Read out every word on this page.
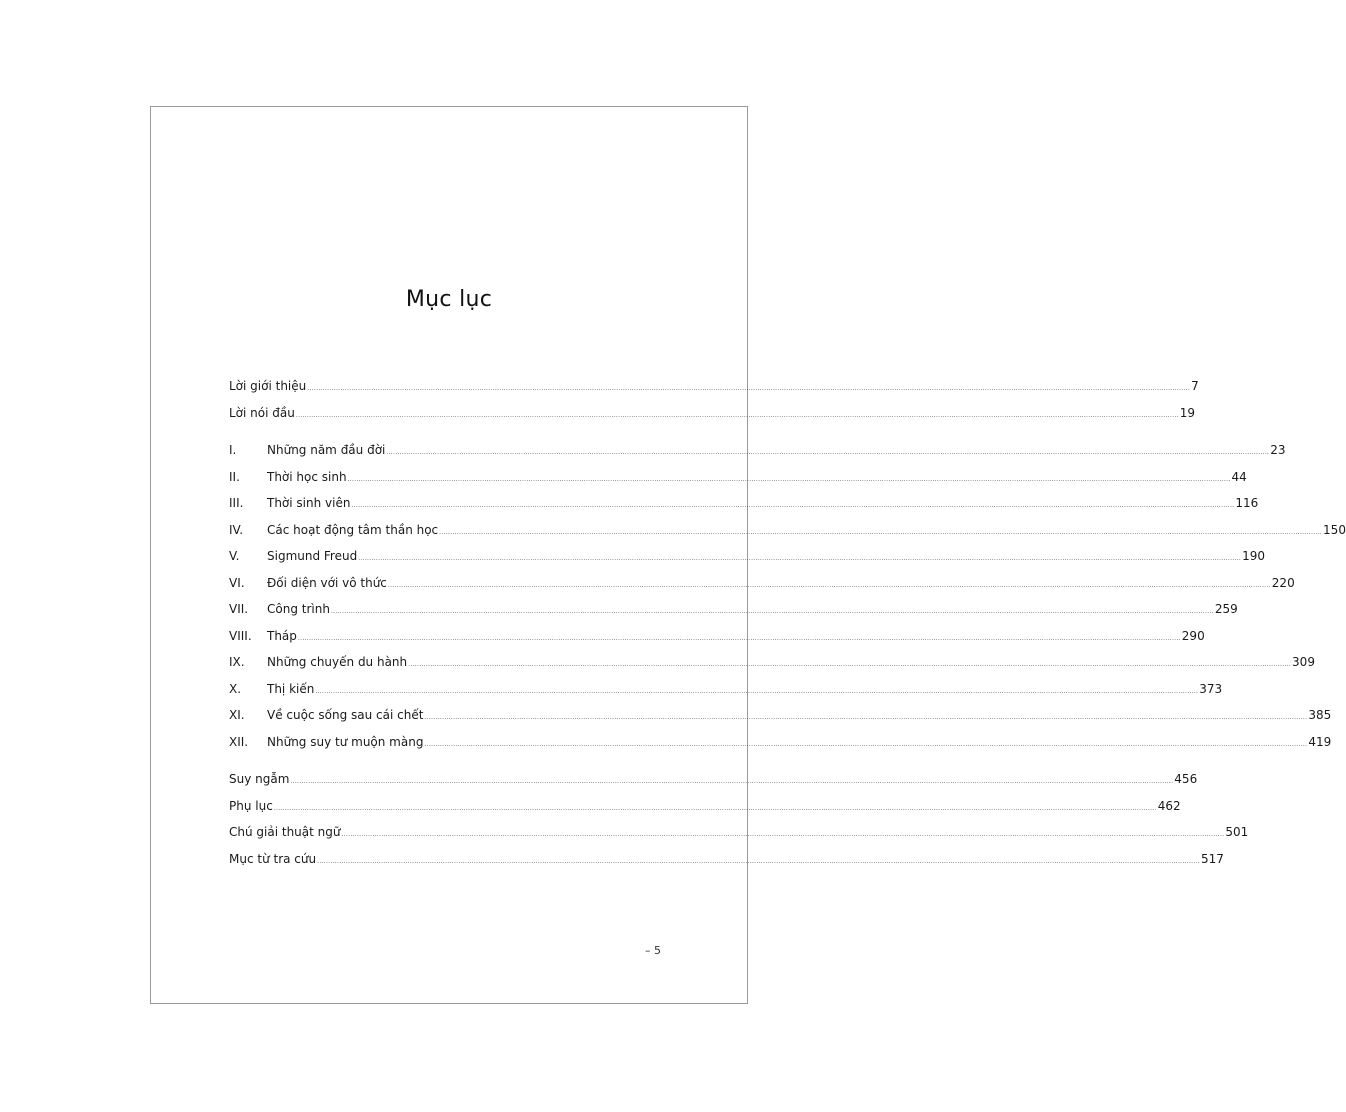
Mục lục
Lời giới thiệu ................................................................................................................................................................................................................................................................................................................................................................................................................ 7
Lời nói đầu ................................................................................................................................................................................................................................................................................................................................................................................................................ 19
I.	Những năm đầu đời ................................................................................................................................................................................................................................................................................................................................................................................................................ 23
II.	Thời học sinh ................................................................................................................................................................................................................................................................................................................................................................................................................ 44
III.	Thời sinh viên ................................................................................................................................................................................................................................................................................................................................................................................................................ 116
IV.	Các hoạt động tâm thần học ................................................................................................................................................................................................................................................................................................................................................................................................................ 150
V.	Sigmund Freud ................................................................................................................................................................................................................................................................................................................................................................................................................ 190
VI.	Đối diện với vô thức ................................................................................................................................................................................................................................................................................................................................................................................................................ 220
VII.	Công trình ................................................................................................................................................................................................................................................................................................................................................................................................................ 259
VIII.	Tháp ................................................................................................................................................................................................................................................................................................................................................................................................................ 290
IX.	Những chuyến du hành ................................................................................................................................................................................................................................................................................................................................................................................................................ 309
X.	Thị kiến ................................................................................................................................................................................................................................................................................................................................................................................................................ 373
XI.	Về cuộc sống sau cái chết ................................................................................................................................................................................................................................................................................................................................................................................................................ 385
XII.	Những suy tư muộn màng ................................................................................................................................................................................................................................................................................................................................................................................................................ 419
Suy ngẫm ................................................................................................................................................................................................................................................................................................................................................................................................................ 456
Phụ lục ................................................................................................................................................................................................................................................................................................................................................................................................................ 462
Chú giải thuật ngữ ................................................................................................................................................................................................................................................................................................................................................................................................................ 501
Mục từ tra cứu ................................................................................................................................................................................................................................................................................................................................................................................................................ 517
– 5
